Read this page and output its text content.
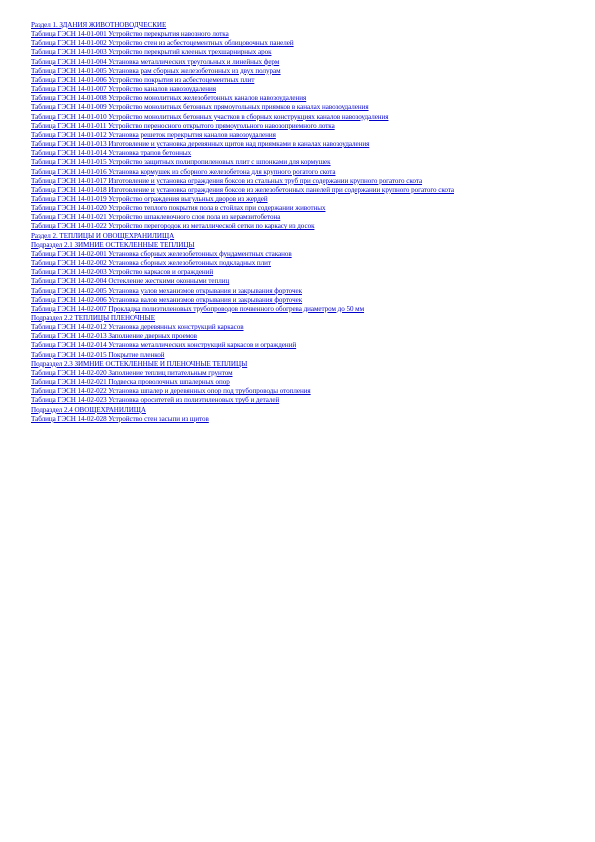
Раздел 1. ЗДАНИЯ ЖИВОТНОВОДЧЕСКИЕ
Таблица ГЭСН 14-01-001 Устройство перекрытия навозного лотка
Таблица ГЭСН 14-01-002 Устройство стен из асбестоцементных облицовочных панелей
Таблица ГЭСН 14-01-003 Устройство перекрытий клееных трехшарнирных арок
Таблица ГЭСН 14-01-004 Установка металлических треугольных и линейных ферм
Таблица ГЭСН 14-01-005 Установка рам сборных железобетонных из двух полурам
Таблица ГЭСН 14-01-006 Устройство покрытия из асбестоцементных плит
Таблица ГЭСН 14-01-007 Устройство каналов навозоудаления
Таблица ГЭСН 14-01-008 Устройство монолитных железобетонных каналов навозоудаления
Таблица ГЭСН 14-01-009 Устройство монолитных бетонных прямоугольных приямков в каналах навозоудаления
Таблица ГЭСН 14-01-010 Устройство монолитных бетонных участков в сборных конструкциях каналов навозоудаления
Таблица ГЭСН 14-01-011 Устройство переносного открытого прямоугольного навозоприемного лотка
Таблица ГЭСН 14-01-012 Установка решеток перекрытия каналов навозоудаления
Таблица ГЭСН 14-01-013 Изготовление и установка деревянных щитов над приямками в каналах навозоудаления
Таблица ГЭСН 14-01-014 Установка трапов бетонных
Таблица ГЭСН 14-01-015 Устройство защитных полипропиленовых плит с шпонками для кормушек
Таблица ГЭСН 14-01-016 Установка кормушек из сборного железобетона для крупного рогатого скота
Таблица ГЭСН 14-01-017 Изготовление и установка ограждения боксов из стальных труб при содержании крупного рогатого скота
Таблица ГЭСН 14-01-018 Изготовление и установка ограждения боксов из железобетонных панелей при содержании крупного рогатого скота
Таблица ГЭСН 14-01-019 Устройство ограждения выгульных дворов из жердей
Таблица ГЭСН 14-01-020 Устройство теплого покрытия пола в стойлах при содержании животных
Таблица ГЭСН 14-01-021 Устройство шпаклевочного слоя пола из керамзитобетона
Таблица ГЭСН 14-01-022 Устройство перегородок из металлической сетки по каркасу из досок
Раздел 2. ТЕПЛИЦЫ И ОВОЩЕХРАНИЛИЩА
Подраздел 2.1 ЗИМНИЕ ОСТЕКЛЕННЫЕ ТЕПЛИЦЫ
Таблица ГЭСН 14-02-001 Установка сборных железобетонных фундаментных стаканов
Таблица ГЭСН 14-02-002 Установка сборных железобетонных подкладных плит
Таблица ГЭСН 14-02-003 Устройство каркасов и ограждений
Таблица ГЭСН 14-02-004 Остекление жесткими оконными теплиц
Таблица ГЭСН 14-02-005 Установка узлов механизмов открывания и закрывания форточек
Таблица ГЭСН 14-02-006 Установка валов механизмов открывания и закрывания форточек
Таблица ГЭСН 14-02-007 Прокладка полиэтиленовых трубопроводов почвенного обогрева диаметром до 50 мм
Подраздел 2.2 ТЕПЛИЦЫ ПЛЕНОЧНЫЕ
Таблица ГЭСН 14-02-012 Установка деревянных конструкций каркасов
Таблица ГЭСН 14-02-013 Заполнение дверных проемов
Таблица ГЭСН 14-02-014 Установка металлических конструкций каркасов и ограждений
Таблица ГЭСН 14-02-015 Покрытие пленкой
Подраздел 2.3 ЗИМНИЕ ОСТЕКЛЕННЫЕ И ПЛЕНОЧНЫЕ ТЕПЛИЦЫ
Таблица ГЭСН 14-02-020 Заполнение теплиц питательным грунтом
Таблица ГЭСН 14-02-021 Подвеска проволочных шпалерных опор
Таблица ГЭСН 14-02-022 Установка шпалер и деревянных опор под трубопроводы отопления
Таблица ГЭСН 14-02-023 Установка ороситетей из полиэтиленовых труб и деталей
Подраздел 2.4 ОВОЩЕХРАНИЛИЩА
Таблица ГЭСН 14-02-028 Устройство стен засыпи из щитов
